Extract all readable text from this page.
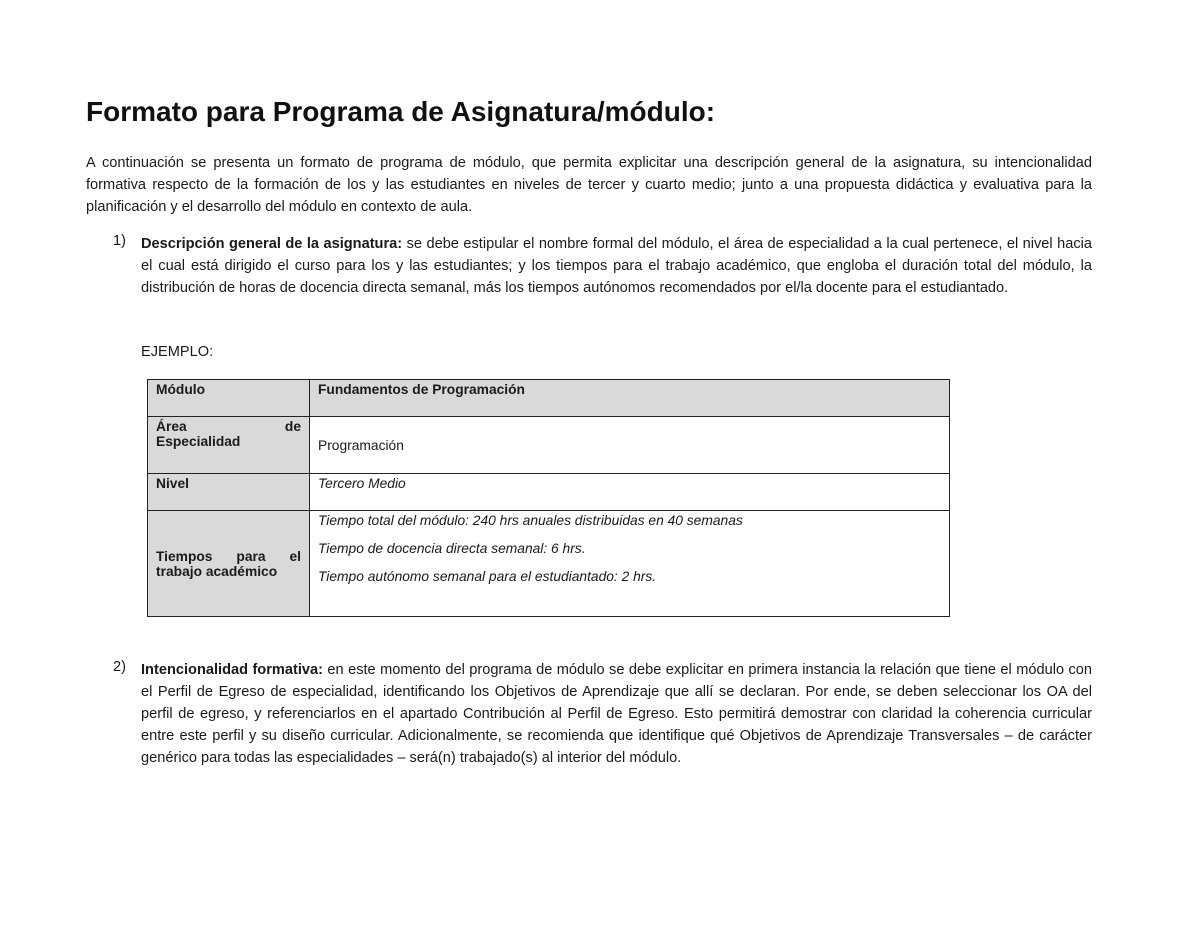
Formato para Programa de Asignatura/módulo:

A continuación se presenta un formato de programa de módulo, que permita explicitar una descripción general de la asignatura, su intencionalidad formativa respecto de la formación de los y las estudiantes en niveles de tercer y cuarto medio; junto a una propuesta didáctica y evaluativa para la planificación y el desarrollo del módulo en contexto de aula.

1) Descripción general de la asignatura: se debe estipular el nombre formal del módulo, el área de especialidad a la cual pertenece, el nivel hacia el cual está dirigido el curso para los y las estudiantes; y los tiempos para el trabajo académico, que engloba el duración total del módulo, la distribución de horas de docencia directa semanal, más los tiempos autónomos recomendados por el/la docente para el estudiantado.

EJEMPLO:

Módulo	Fundamentos de Programación

Área de
Especialidad	Programación
Nivel	Tercero Medio

Tiempos para el
trabajo académico	Tiempo total del módulo: 240 hrs anuales distribuidas en 40 semanas
Tiempo de docencia directa semanal: 6 hrs.
Tiempo autónomo semanal para el estudiantado: 2 hrs.
2) Intencionalidad formativa: en este momento del programa de módulo se debe explicitar en primera instancia la relación que tiene el módulo con el Perfil de Egreso de especialidad, identificando los Objetivos de Aprendizaje que allí se declaran. Por ende, se deben seleccionar los OA del perfil de egreso, y referenciarlos en el apartado Contribución al Perfil de Egreso. Esto permitirá demostrar con claridad la coherencia curricular entre este perfil y su diseño curricular. Adicionalmente, se recomienda que identifique qué Objetivos de Aprendizaje Transversales – de carácter genérico para todas las especialidades – será(n) trabajado(s) al interior del módulo.
